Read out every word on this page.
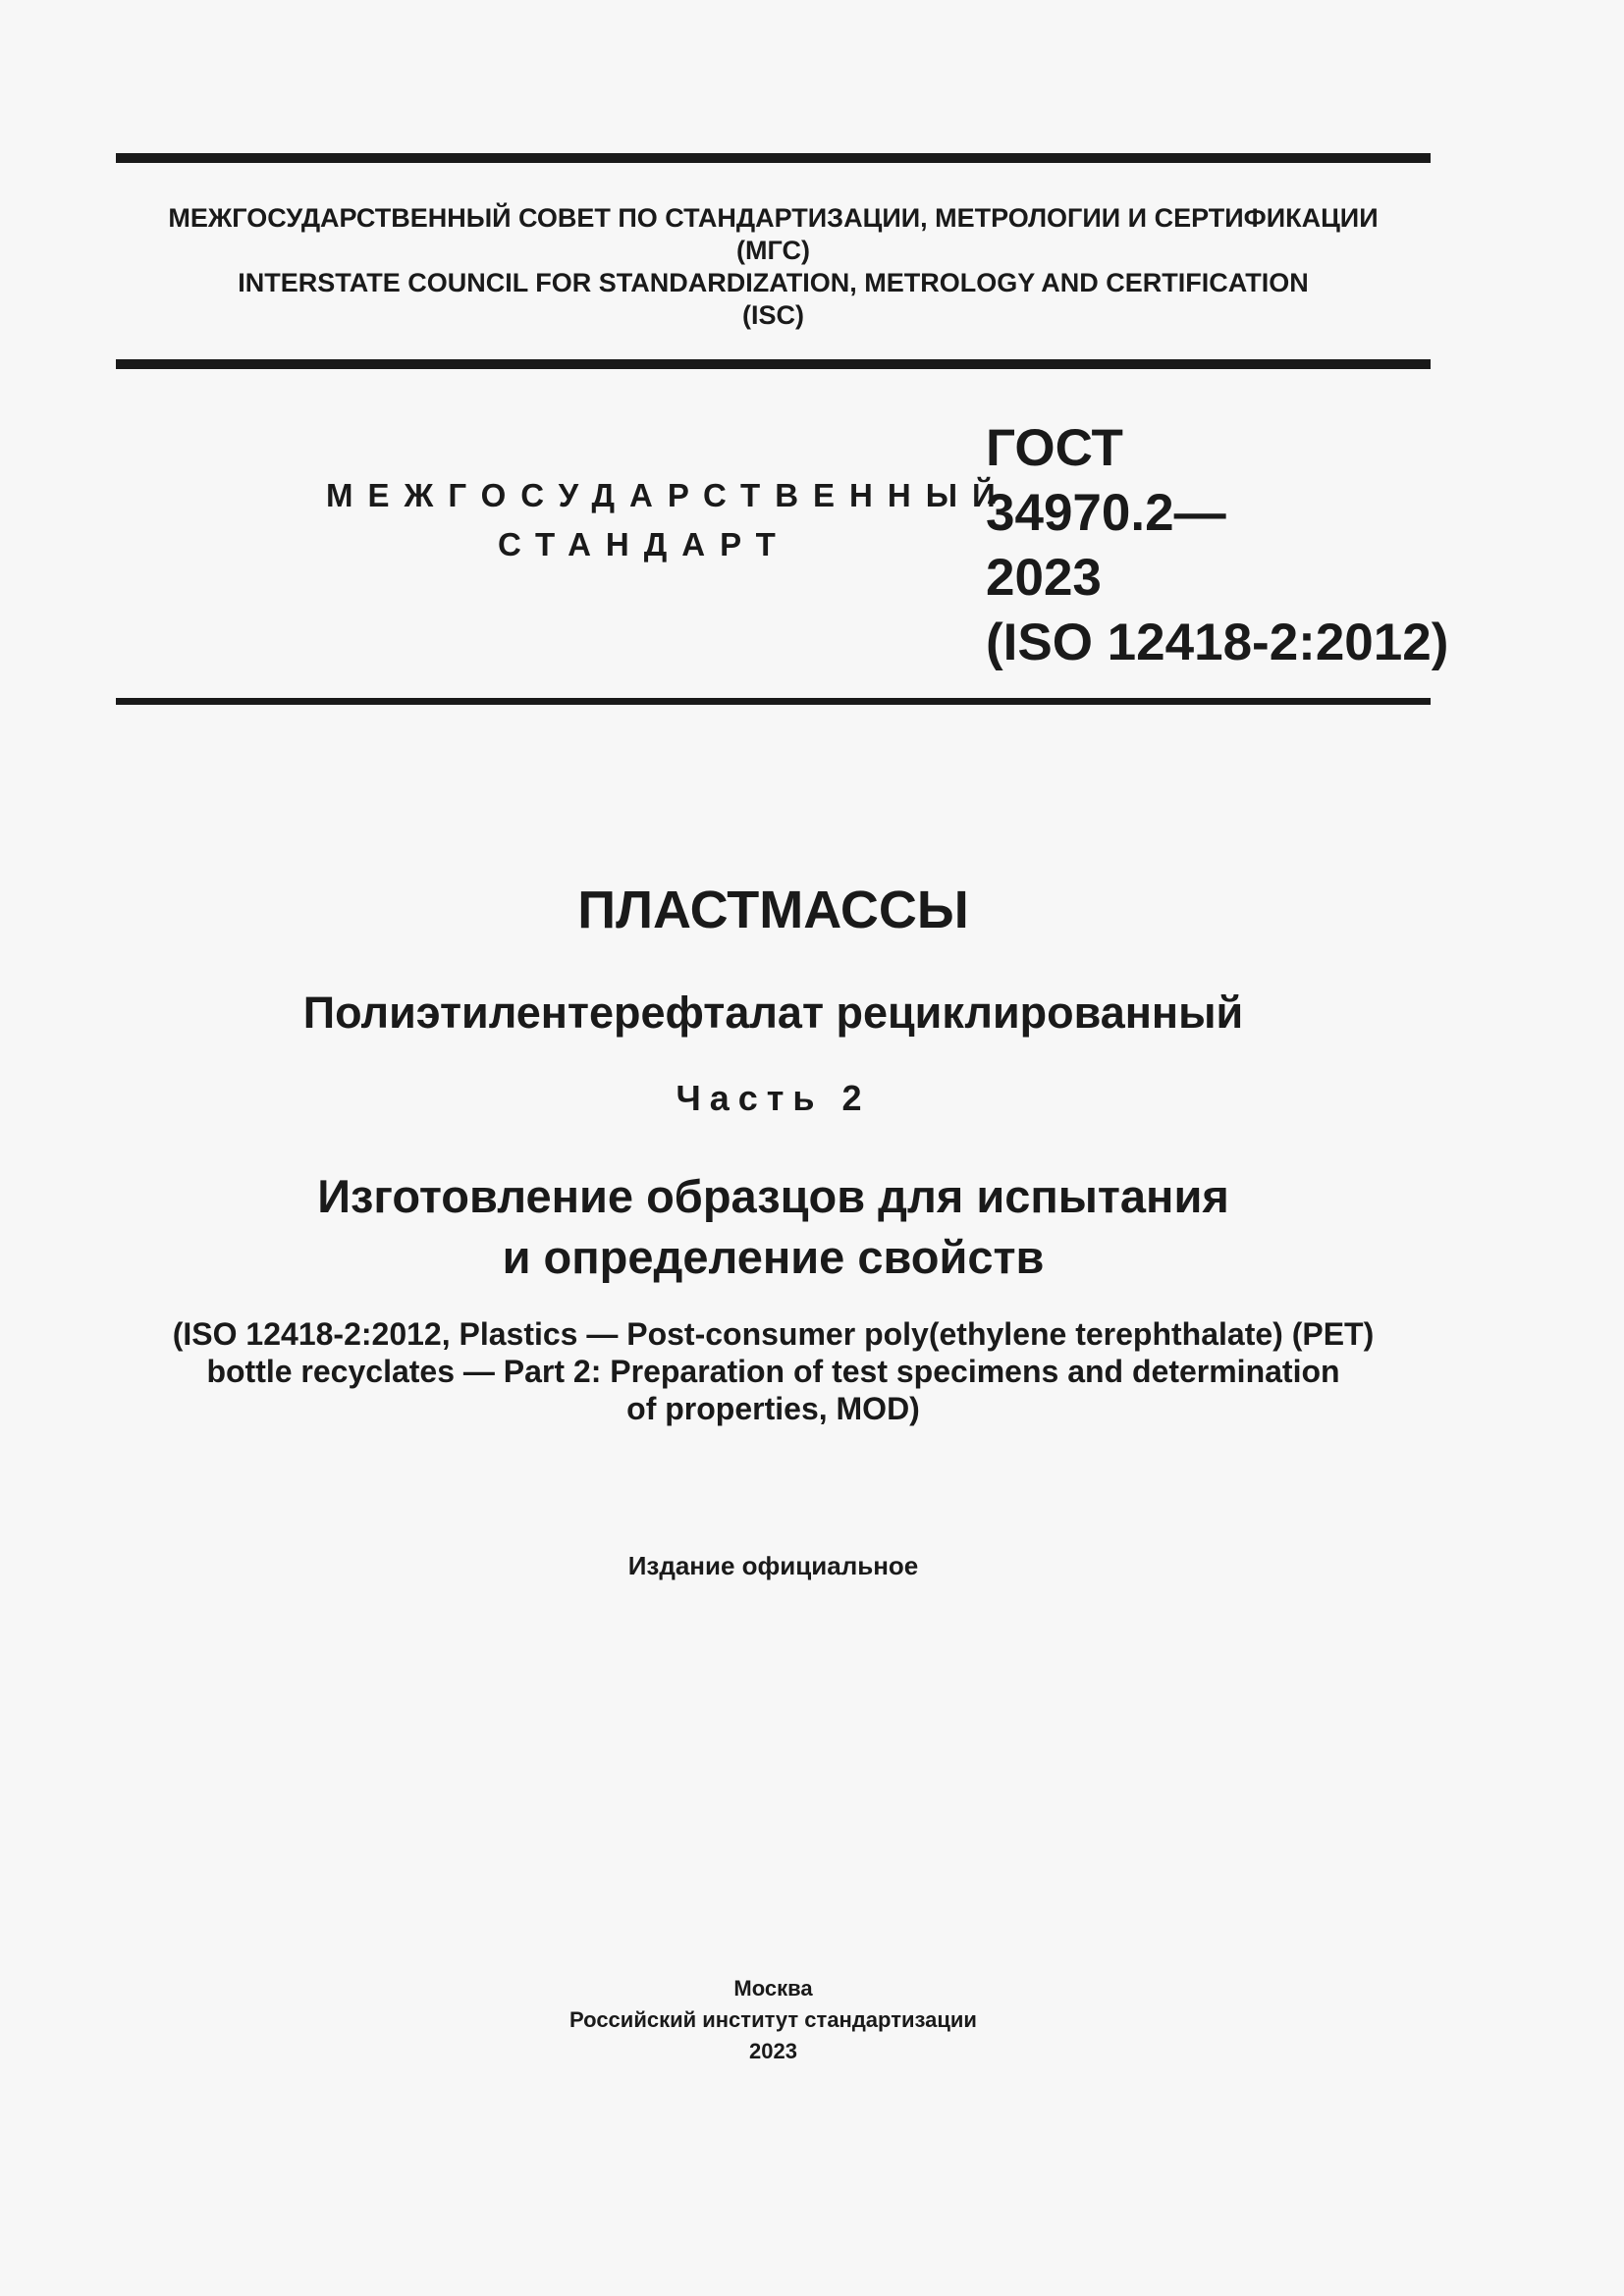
МЕЖГОСУДАРСТВЕННЫЙ СОВЕТ ПО СТАНДАРТИЗАЦИИ, МЕТРОЛОГИИ И СЕРТИФИКАЦИИ
(МГС)
INTERSTATE COUNCIL FOR STANDARDIZATION, METROLOGY AND CERTIFICATION
(ISC)
МЕЖГОСУДАРСТВЕННЫЙ
СТАНДАРТ
ГОСТ
34970.2—
2023
(ISO 12418-2:2012)
ПЛАСТМАССЫ
Полиэтилентерефталат рециклированный
Часть 2
Изготовление образцов для испытания
и определение свойств
(ISO 12418-2:2012, Plastics — Post-consumer poly(ethylene terephthalate) (PET)
bottle recyclates — Part 2: Preparation of test specimens and determination
of properties, MOD)
Издание официальное
Москва
Российский институт стандартизации
2023
